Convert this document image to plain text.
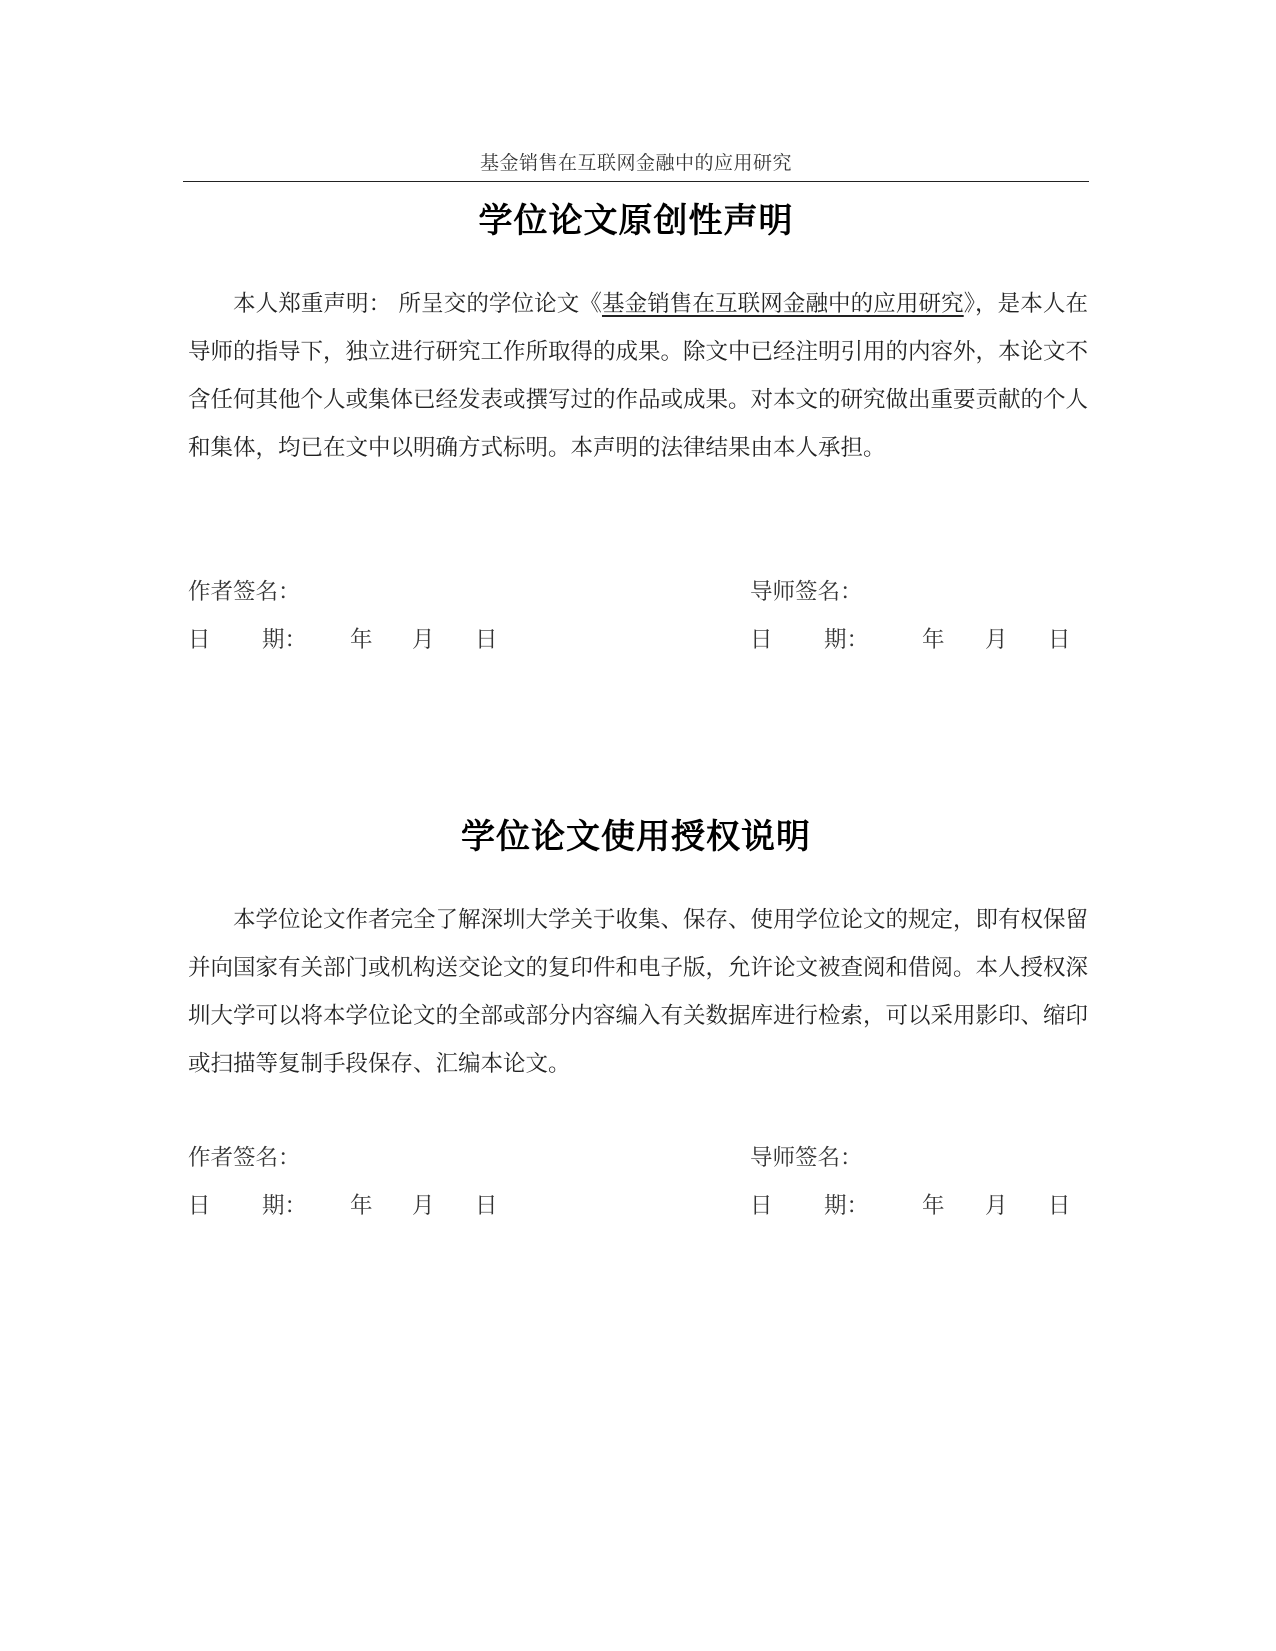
基金销售在互联网金融中的应用研究
学位论文原创性声明

本人郑重声明： 所呈交的学位论文《基金销售在互联网金融中的应用研究》，是本人在导师的指导下，独立进行研究工作所取得的成果。除文中已经注明引用的内容外，本论文不含任何其他个人或集体已经发表或撰写过的作品或成果。对本文的研究做出重要贡献的个人和集体，均已在文中以明确方式标明。本声明的法律结果由本人承担。

作者签名：	导师签名：
日 期： 年 月 日	日 期： 年 月 日
学位论文使用授权说明

本学位论文作者完全了解深圳大学关于收集、保存、使用学位论文的规定，即有权保留并向国家有关部门或机构送交论文的复印件和电子版，允许论文被查阅和借阅。本人授权深圳大学可以将本学位论文的全部或部分内容编入有关数据库进行检索，可以采用影印、缩印或扫描等复制手段保存、汇编本论文。

作者签名：	导师签名：
日 期： 年 月 日	日 期： 年 月 日
